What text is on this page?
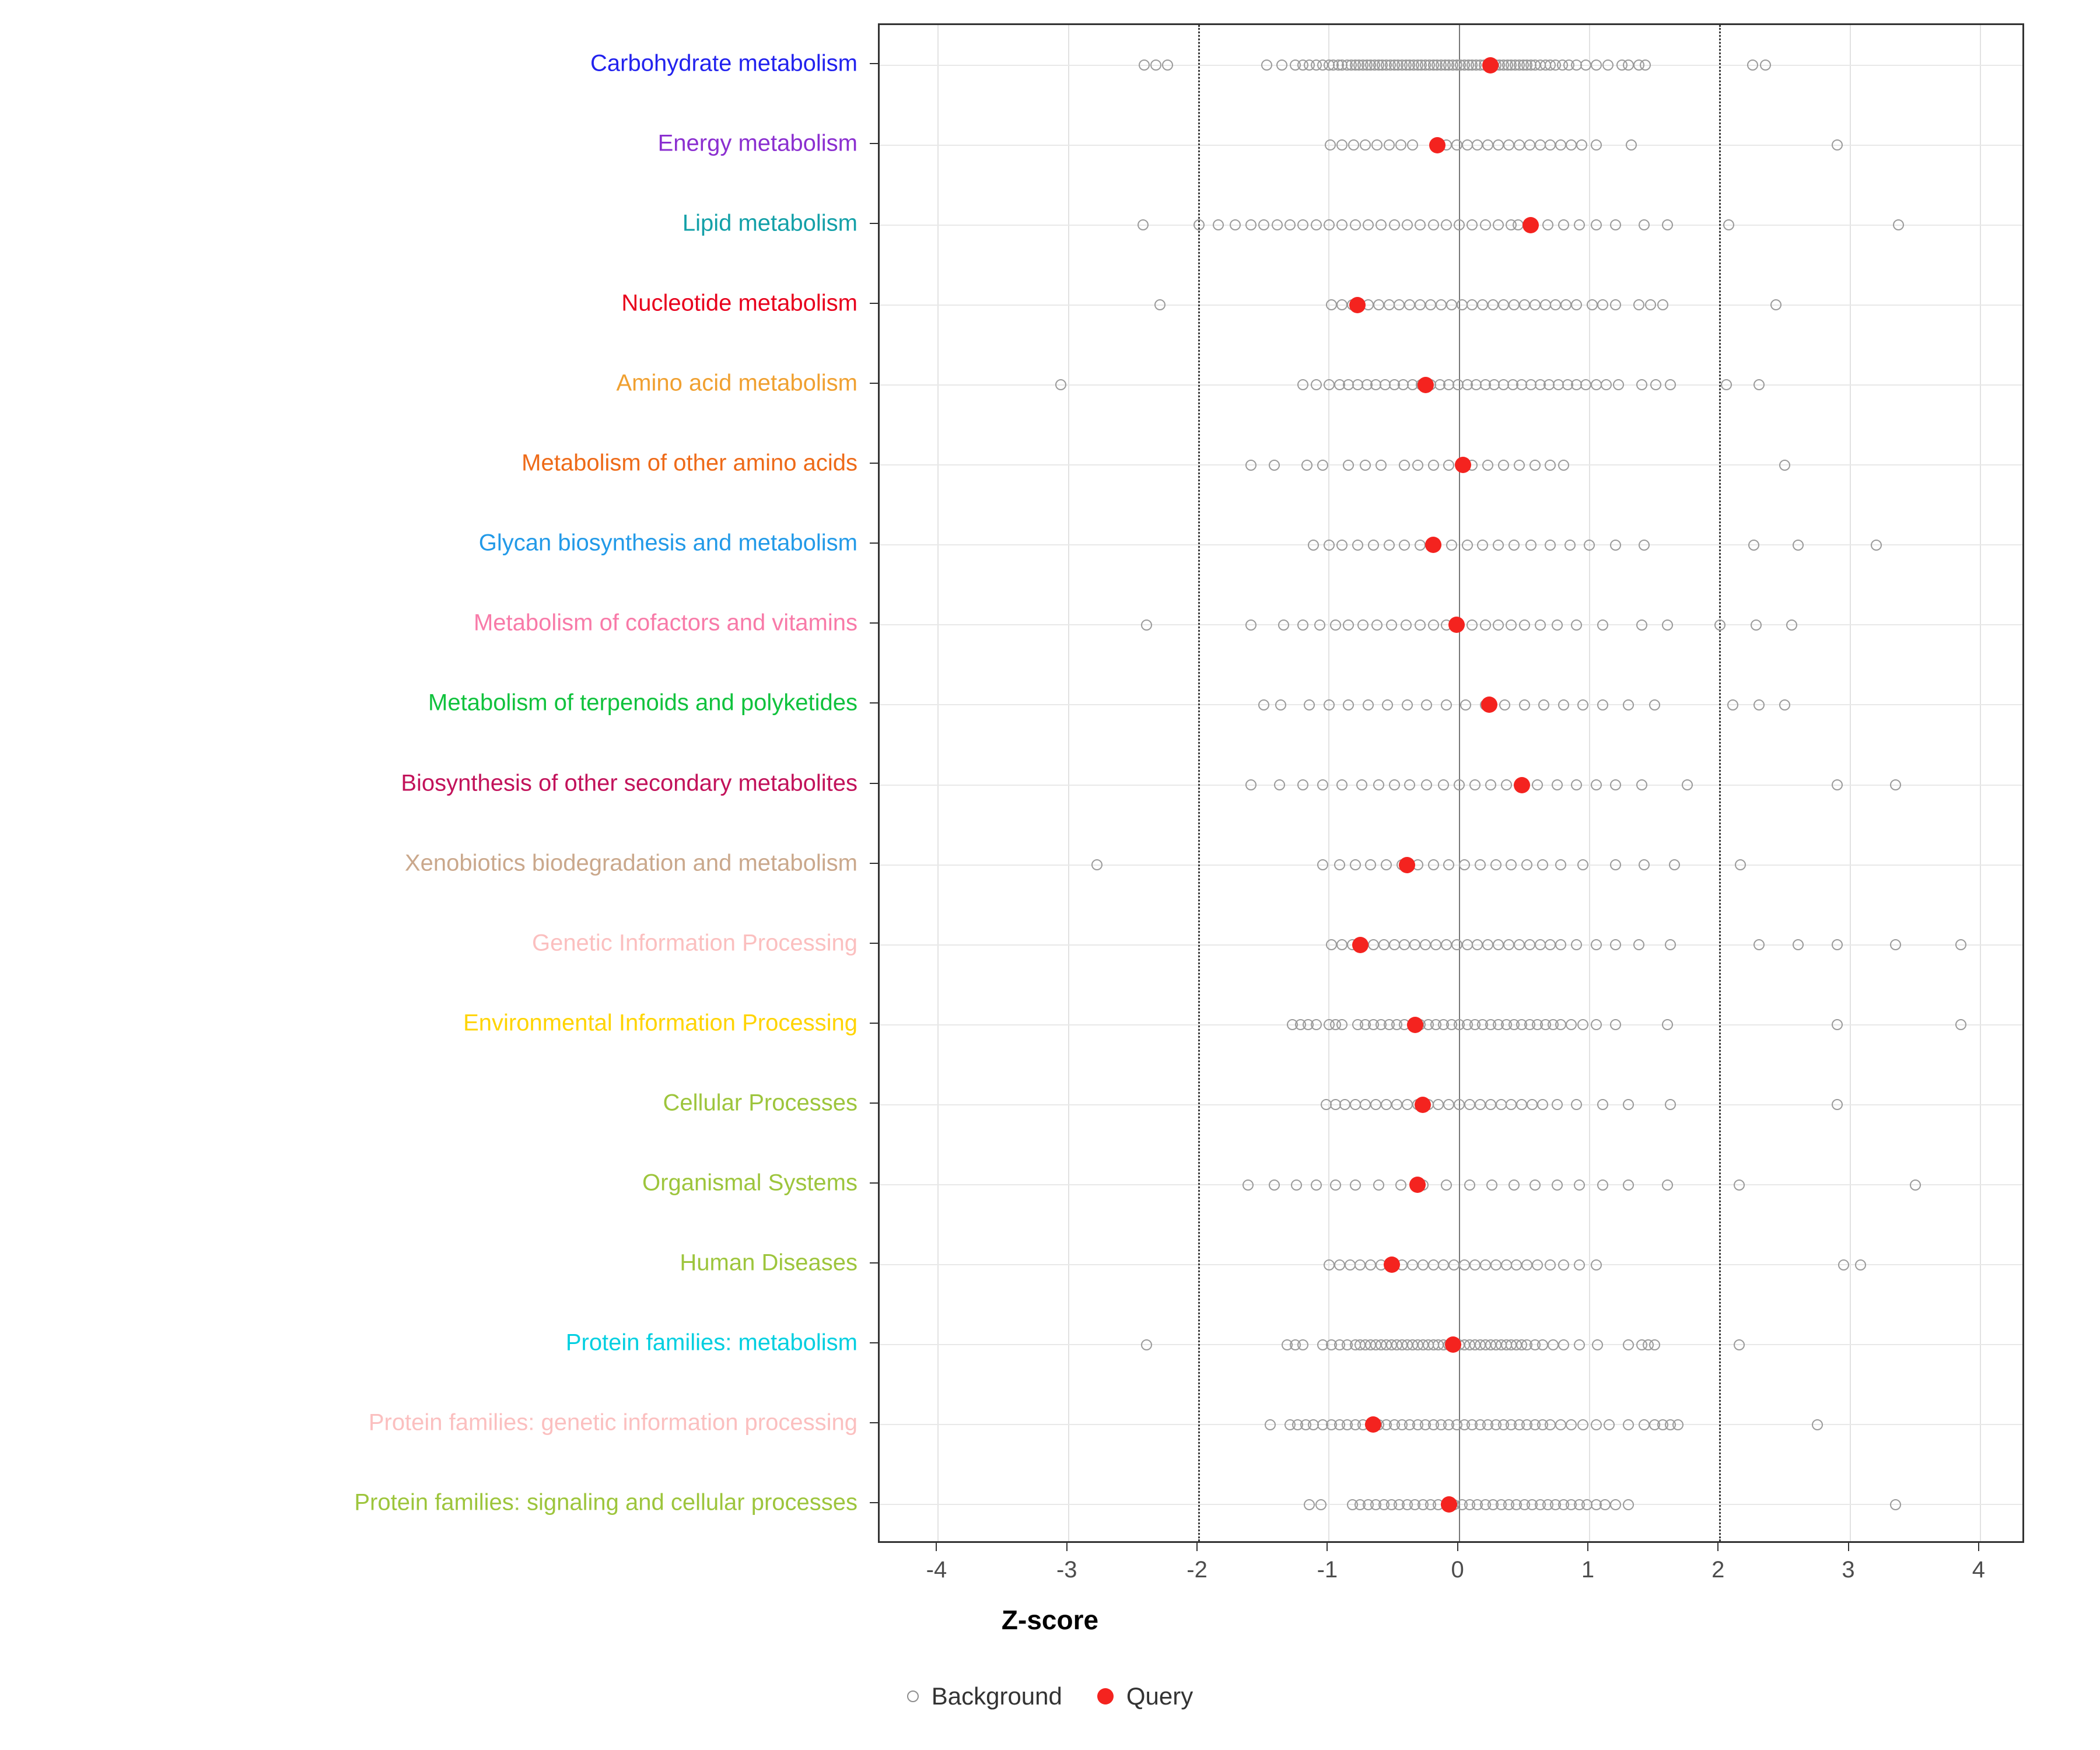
Carbohydrate metabolism
Energy metabolism
Lipid metabolism
Nucleotide metabolism
Amino acid metabolism
Metabolism of other amino acids
Glycan biosynthesis and metabolism
Metabolism of cofactors and vitamins
Metabolism of terpenoids and polyketides
Biosynthesis of other secondary metabolites
Xenobiotics biodegradation and metabolism
Genetic Information Processing
Environmental Information Processing
Cellular Processes
Organismal Systems
Human Diseases
Protein families: metabolism
Protein families: genetic information processing
Protein families: signaling and cellular processes
-4	-3	-2	-1	0	1	2	3	4
Z-score
Background	Query
